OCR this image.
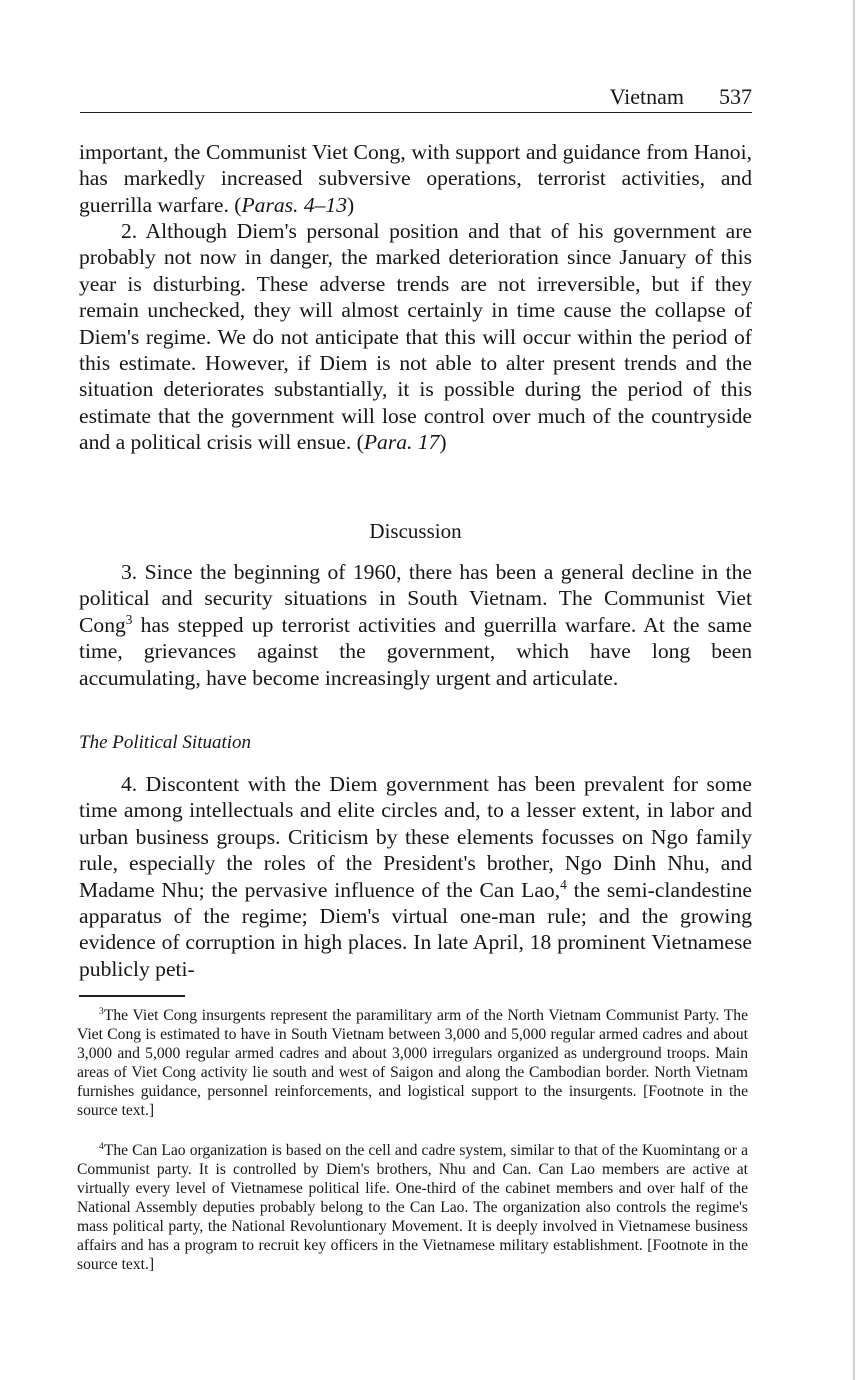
Vietnam 537

important, the Communist Viet Cong, with support and guidance from Hanoi, has markedly increased subversive operations, terrorist activities, and guerrilla warfare. (Paras. 4–13)

2. Although Diem's personal position and that of his government are probably not now in danger, the marked deterioration since January of this year is disturbing. These adverse trends are not irreversible, but if they remain unchecked, they will almost certainly in time cause the collapse of Diem's regime. We do not anticipate that this will occur within the period of this estimate. However, if Diem is not able to alter present trends and the situation deteriorates substantially, it is possible during the period of this estimate that the government will lose control over much of the countryside and a political crisis will ensue. (Para. 17)

Discussion

3. Since the beginning of 1960, there has been a general decline in the political and security situations in South Vietnam. The Communist Viet Cong$^3$ has stepped up terrorist activities and guerrilla warfare. At the same time, grievances against the government, which have long been accumulating, have become increasingly urgent and articulate.

The Political Situation

4. Discontent with the Diem government has been prevalent for some time among intellectuals and elite circles and, to a lesser extent, in labor and urban business groups. Criticism by these elements focusses on Ngo family rule, especially the roles of the President's brother, Ngo Dinh Nhu, and Madame Nhu; the pervasive influence of the Can Lao,$^4$ the semi-clandestine apparatus of the regime; Diem's virtual one-man rule; and the growing evidence of corruption in high places. In late April, 18 prominent Vietnamese publicly peti-

$^3$The Viet Cong insurgents represent the paramilitary arm of the North Vietnam Communist Party. The Viet Cong is estimated to have in South Vietnam between 3,000 and 5,000 regular armed cadres and about 3,000 and 5,000 regular armed cadres and about 3,000 irregulars organized as underground troops. Main areas of Viet Cong activity lie south and west of Saigon and along the Cambodian border. North Vietnam furnishes guidance, personnel reinforcements, and logistical support to the insurgents. [Footnote in the source text.]

$^4$The Can Lao organization is based on the cell and cadre system, similar to that of the Kuomintang or a Communist party. It is controlled by Diem's brothers, Nhu and Can. Can Lao members are active at virtually every level of Vietnamese political life. One-third of the cabinet members and over half of the National Assembly deputies probably belong to the Can Lao. The organization also controls the regime's mass political party, the National Revoluntionary Movement. It is deeply involved in Vietnamese business affairs and has a program to recruit key officers in the Vietnamese military establishment. [Footnote in the source text.]
